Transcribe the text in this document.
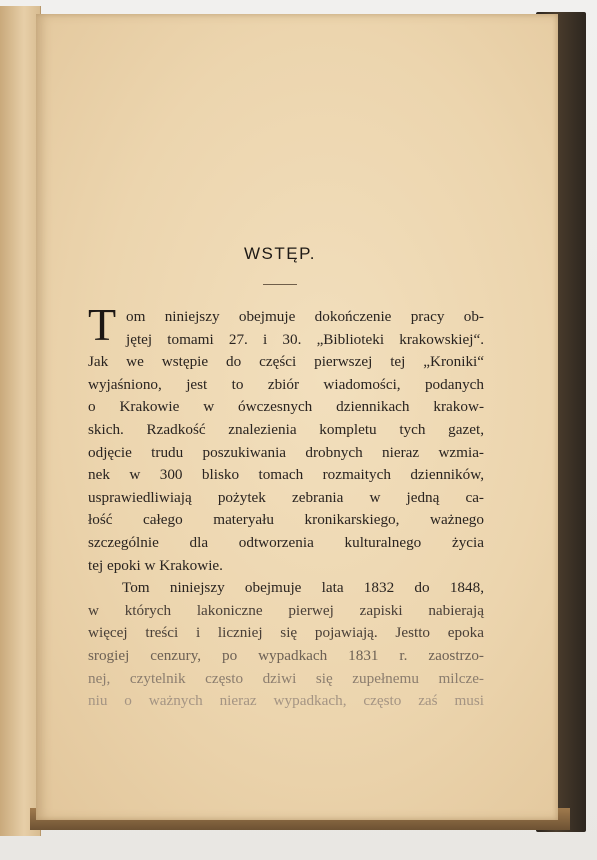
WSTĘP.
T om niniejszy obejmuje dokończenie pracy ob-
jętej tomami 27. i 30. „Biblioteki krakowskiej“.
Jak we wstępie do części pierwszej tej „Kroniki“
wyjaśniono, jest to zbiór wiadomości, podanych
o Krakowie w ówczesnych dziennikach krakow-
skich. Rzadkość znalezienia kompletu tych gazet,
odjęcie trudu poszukiwania drobnych nieraz wzmia-
nek w 300 blisko tomach rozmaitych dzienników,
usprawiedliwiają pożytek zebrania w jedną ca-
łość całego materyału kronikarskiego, ważnego
szczególnie dla odtworzenia kulturalnego życia
tej epoki w Krakowie.
Tom niniejszy obejmuje lata 1832 do 1848,
w których lakoniczne pierwej zapiski nabierają
więcej treści i liczniej się pojawiają. Jestto epoka
srogiej cenzury, po wypadkach 1831 r. zaostrzo-
nej, czytelnik często dziwi się zupełnemu milcze-
niu o ważnych nieraz wypadkach, często zaś musi
